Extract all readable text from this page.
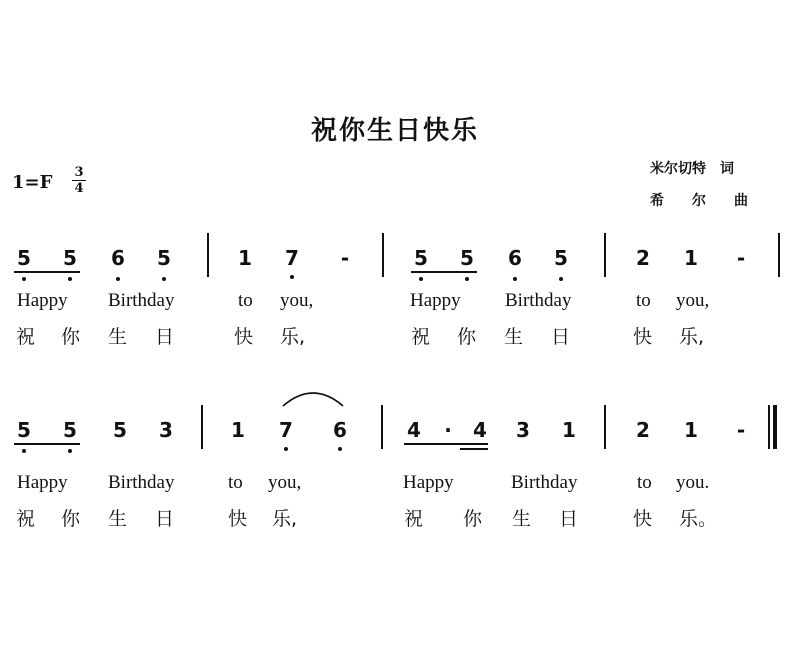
祝你生日快乐
1=F 3
4
米尔切特　词
希　　尔　　曲
5 5 6 5	1 7	-	5 5 6 5	2 1	-
Happy Birthday	to you,	Happy Birthday	to you,
祝 你 生 日	快 乐,	祝 你 生 日	快 乐,
5 5 5 3	1 7 6	4	·	4 3 1	2 1	-
Happy Birthday	to you,	Happy	Birthday	to you.
祝 你 生 日	快 乐,	祝 你 生 日	快 乐。
